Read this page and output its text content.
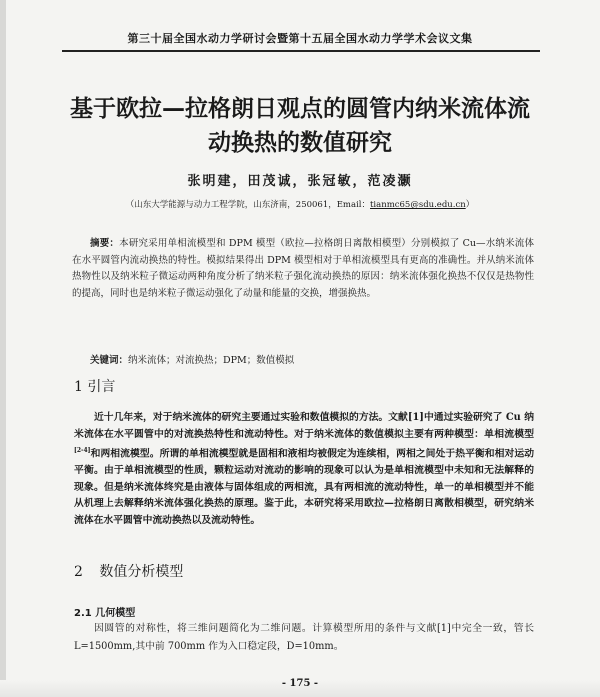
第三十届全国水动力学研讨会暨第十五届全国水动力学学术会议文集
基于欧拉—拉格朗日观点的圆管内纳米流体流动换热的数值研究
张明建，田茂诚，张冠敏，范凌灏
（山东大学能源与动力工程学院，山东济南，250061，Email：tianmc65@sdu.edu.cn）
摘要：本研究采用单相流模型和 DPM 模型（欧拉—拉格朗日离散相模型）分别模拟了 Cu—水纳米流体在水平圆管内流动换热的特性。模拟结果得出 DPM 模型相对于单相流模型具有更高的准确性。并从纳米流体热物性以及纳米粒子微运动两种角度分析了纳米粒子强化流动换热的原因：纳米流体强化换热不仅仅是热物性的提高，同时也是纳米粒子微运动强化了动量和能量的交换，增强换热。
关键词：纳米流体；对流换热；DPM；数值模拟
1 引言
近十几年来，对于纳米流体的研究主要通过实验和数值模拟的方法。文献[1]中通过实验研究了 Cu 纳米流体在水平圆管中的对流换热特性和流动特性。对于纳米流体的数值模拟主要有两种模型：单相流模型[2-4]和两相流模型。所谓的单相流模型就是固相和液相均被假定为连续相，两相之间处于热平衡和相对运动平衡。由于单相流模型的性质，颗粒运动对流动的影响的现象可以认为是单相流模型中未知和无法解释的现象。但是纳米流体终究是由液体与固体组成的两相流，具有两相流的流动特性，单一的单相模型并不能从机理上去解释纳米流体强化换热的原理。鉴于此，本研究将采用欧拉—拉格朗日离散相模型，研究纳米流体在水平圆管中流动换热以及流动特性。
2 数值分析模型
2.1 几何模型
因圆管的对称性，将三维问题简化为二维问题。计算模型所用的条件与文献[1]中完全一致，管长 L=1500mm,其中前 700mm 作为入口稳定段，D=10mm。
- 175 -
